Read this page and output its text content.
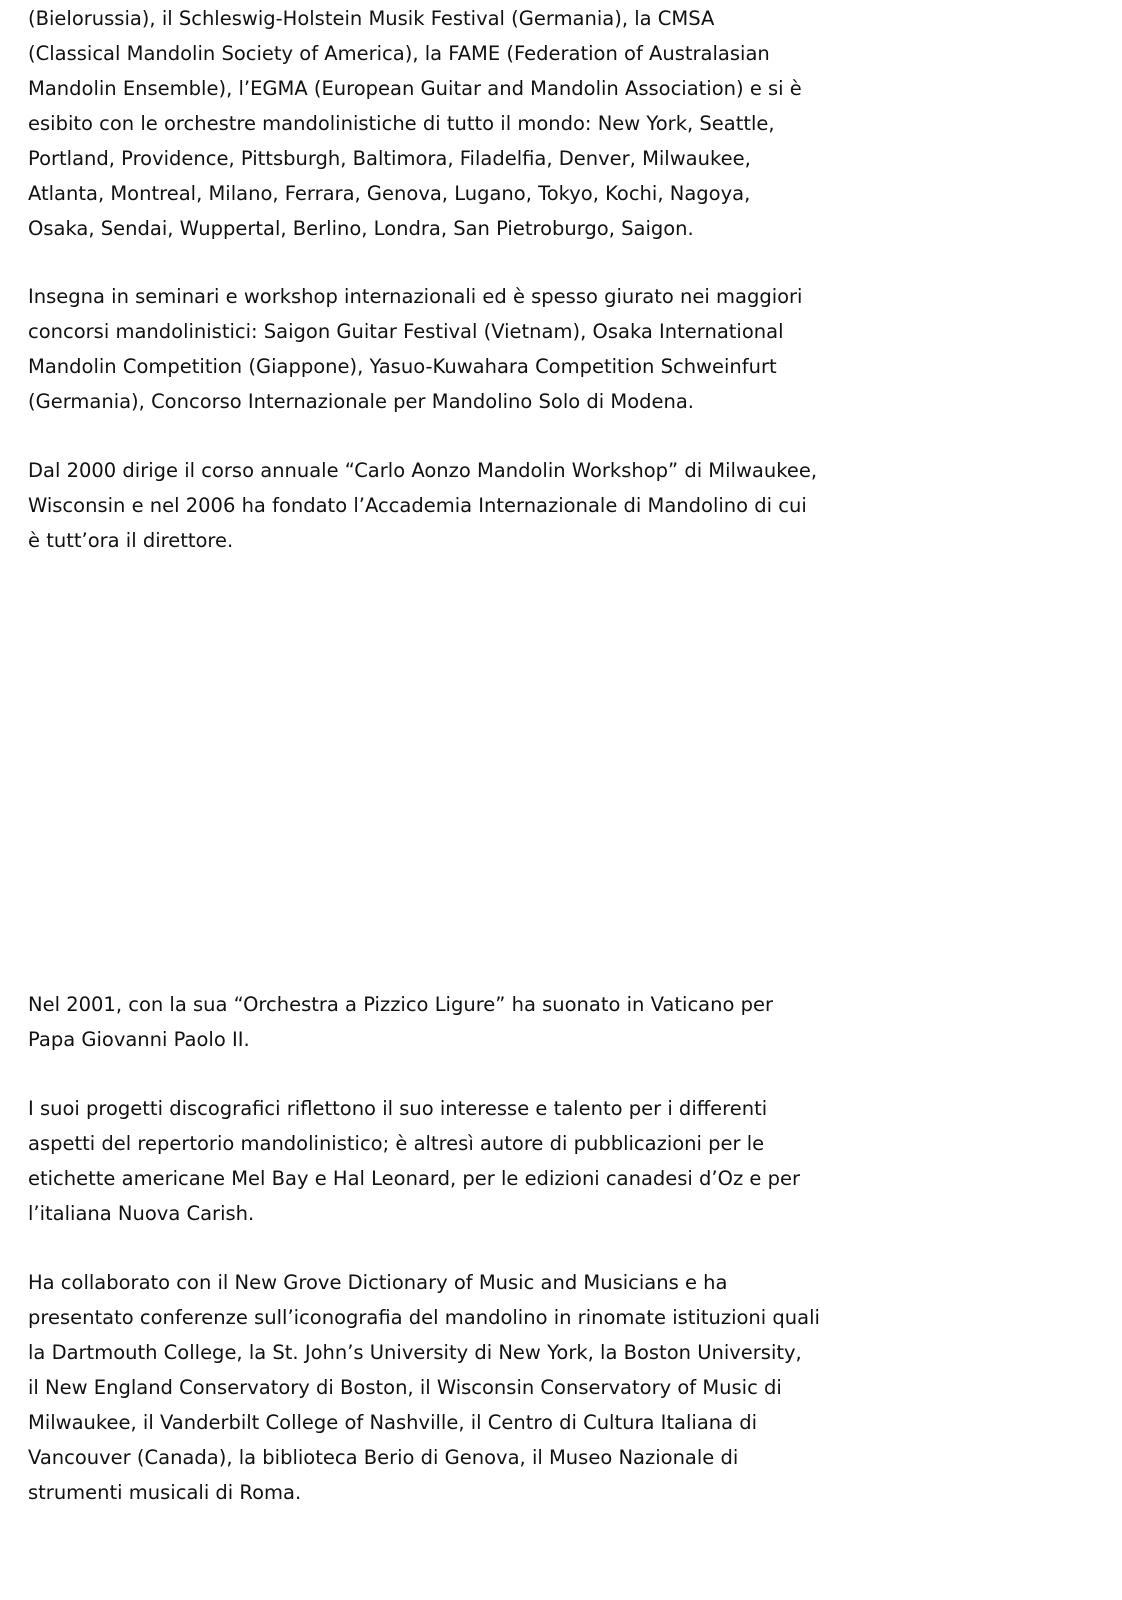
(Bielorussia), il Schleswig-Holstein Musik Festival (Germania), la CMSA
(Classical Mandolin Society of America), la FAME (Federation of Australasian
Mandolin Ensemble), l’EGMA (European Guitar and Mandolin Association) e si è
esibito con le orchestre mandolinistiche di tutto il mondo: New York, Seattle,
Portland, Providence, Pittsburgh, Baltimora, Filadelfia, Denver, Milwaukee,
Atlanta, Montreal, Milano, Ferrara, Genova, Lugano, Tokyo, Kochi, Nagoya,
Osaka, Sendai, Wuppertal, Berlino, Londra, San Pietroburgo, Saigon.
Insegna in seminari e workshop internazionali ed è spesso giurato nei maggiori
concorsi mandolinistici: Saigon Guitar Festival (Vietnam), Osaka International
Mandolin Competition (Giappone), Yasuo-Kuwahara Competition Schweinfurt
(Germania), Concorso Internazionale per Mandolino Solo di Modena.
Dal 2000 dirige il corso annuale “Carlo Aonzo Mandolin Workshop” di Milwaukee,
Wisconsin e nel 2006 ha fondato l’Accademia Internazionale di Mandolino di cui
è tutt’ora il direttore.
Nel 2001, con la sua “Orchestra a Pizzico Ligure” ha suonato in Vaticano per
Papa Giovanni Paolo II.
I suoi progetti discografici riflettono il suo interesse e talento per i differenti
aspetti del repertorio mandolinistico; è altresì autore di pubblicazioni per le
etichette americane Mel Bay e Hal Leonard, per le edizioni canadesi d’Oz e per
l’italiana Nuova Carish.
Ha collaborato con il New Grove Dictionary of Music and Musicians e ha
presentato conferenze sull’iconografia del mandolino in rinomate istituzioni quali
la Dartmouth College, la St. John’s University di New York, la Boston University,
il New England Conservatory di Boston, il Wisconsin Conservatory of Music di
Milwaukee, il Vanderbilt College of Nashville, il Centro di Cultura Italiana di
Vancouver (Canada), la biblioteca Berio di Genova, il Museo Nazionale di
strumenti musicali di Roma.
